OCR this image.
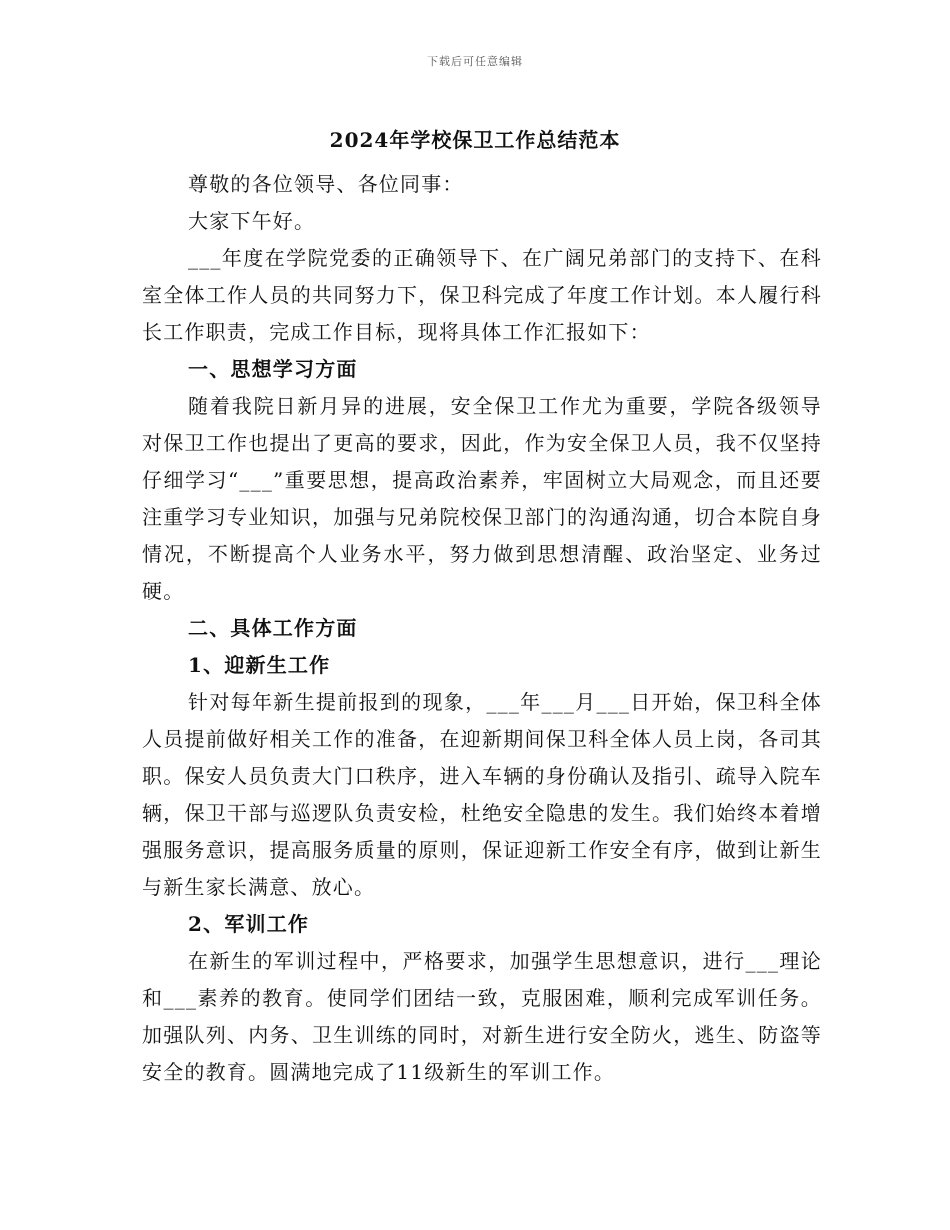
下载后可任意编辑
2024年学校保卫工作总结范本

尊敬的各位领导、各位同事：

大家下午好。

___年度在学院党委的正确领导下、在广阔兄弟部门的支持下、在科室全体工作人员的共同努力下，保卫科完成了年度工作计划。本人履行科长工作职责，完成工作目标，现将具体工作汇报如下：

一、思想学习方面

随着我院日新月异的进展，安全保卫工作尤为重要，学院各级领导对保卫工作也提出了更高的要求，因此，作为安全保卫人员，我不仅坚持仔细学习“___”重要思想，提高政治素养，牢固树立大局观念，而且还要注重学习专业知识，加强与兄弟院校保卫部门的沟通沟通，切合本院自身情况，不断提高个人业务水平，努力做到思想清醒、政治坚定、业务过硬。

二、具体工作方面

1、迎新生工作

针对每年新生提前报到的现象，___年___月___日开始，保卫科全体人员提前做好相关工作的准备，在迎新期间保卫科全体人员上岗，各司其职。保安人员负责大门口秩序，进入车辆的身份确认及指引、疏导入院车辆，保卫干部与巡逻队负责安检，杜绝安全隐患的发生。我们始终本着增强服务意识，提高服务质量的原则，保证迎新工作安全有序，做到让新生与新生家长满意、放心。

2、军训工作

在新生的军训过程中，严格要求，加强学生思想意识，进行___理论和___素养的教育。使同学们团结一致，克服困难，顺利完成军训任务。加强队列、内务、卫生训练的同时，对新生进行安全防火，逃生、防盗等安全的教育。圆满地完成了11级新生的军训工作。
